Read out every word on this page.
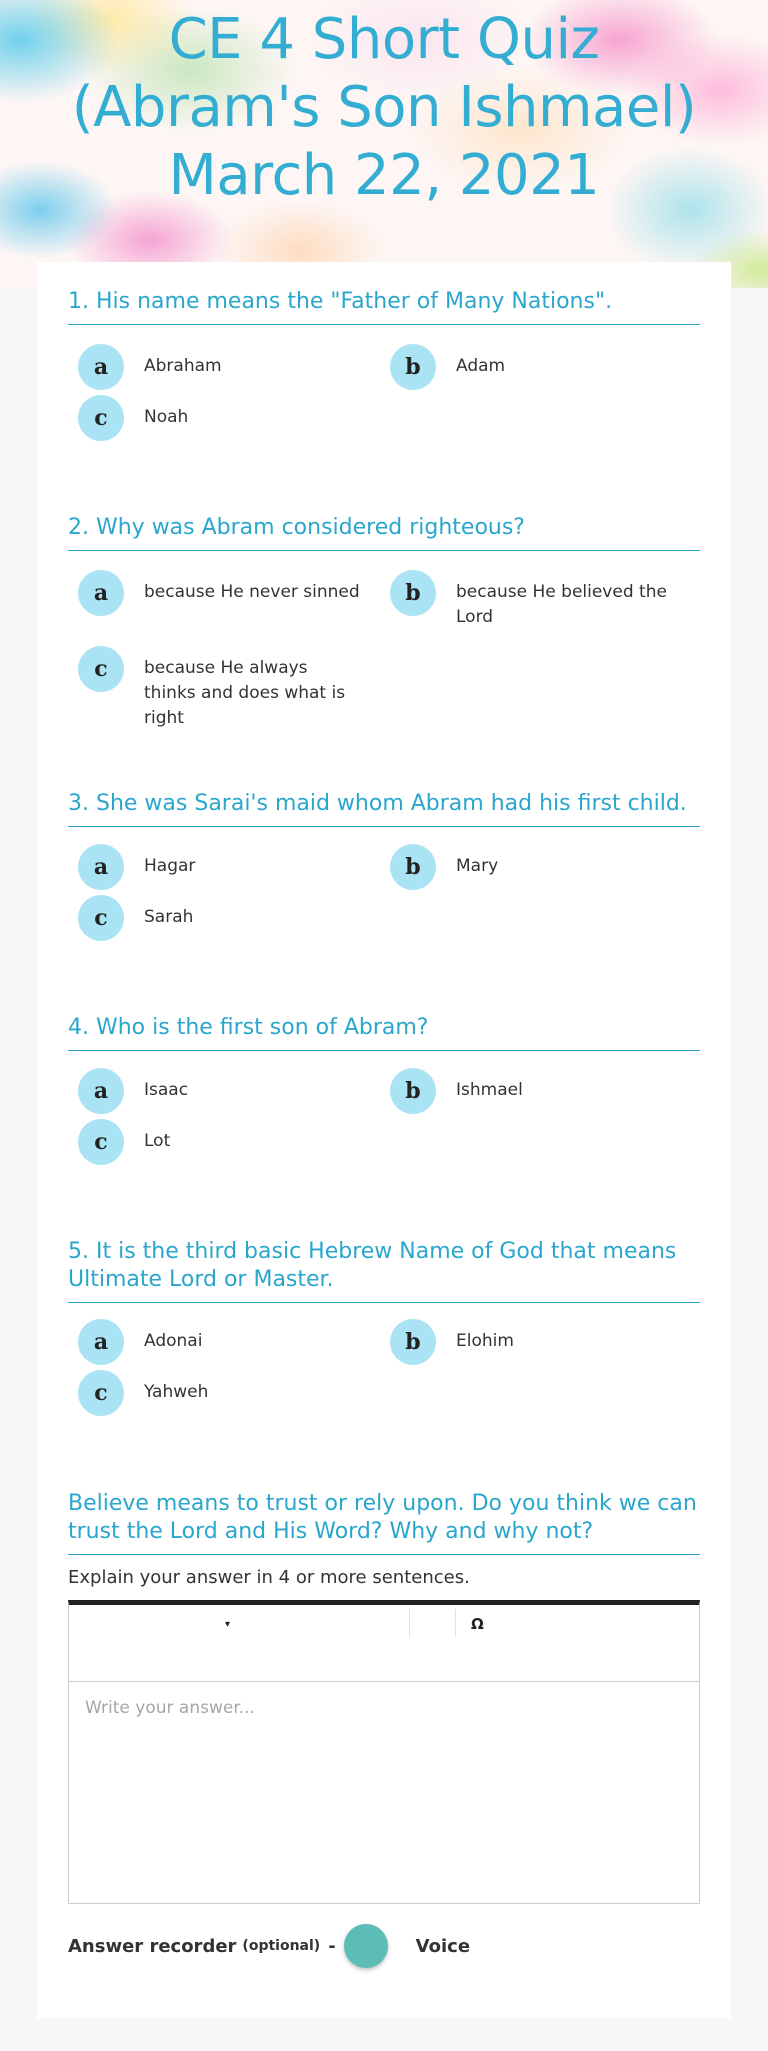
CE 4 Short Quiz (Abram's Son Ishmael) March 22, 2021
1. His name means the "Father of Many Nations".
a	Abraham	b	Adam
c	Noah
2. Why was Abram considered righteous?
a	because He never sinned	b	because He believed the Lord
c	because He always thinks and does what is right
3. She was Sarai's maid whom Abram had his first child.
a	Hagar	b	Mary
c	Sarah
4. Who is the first son of Abram?
a	Isaac	b	Ishmael
c	Lot
5. It is the third basic Hebrew Name of God that means Ultimate Lord or Master.
a	Adonai	b	Elohim
c	Yahweh
Believe means to trust or rely upon. Do you think we can trust the Lord and His Word? Why and why not?
Explain your answer in 4 or more sentences.
▾	Ω
Write your answer...
Answer recorder (optional) -	Voice
